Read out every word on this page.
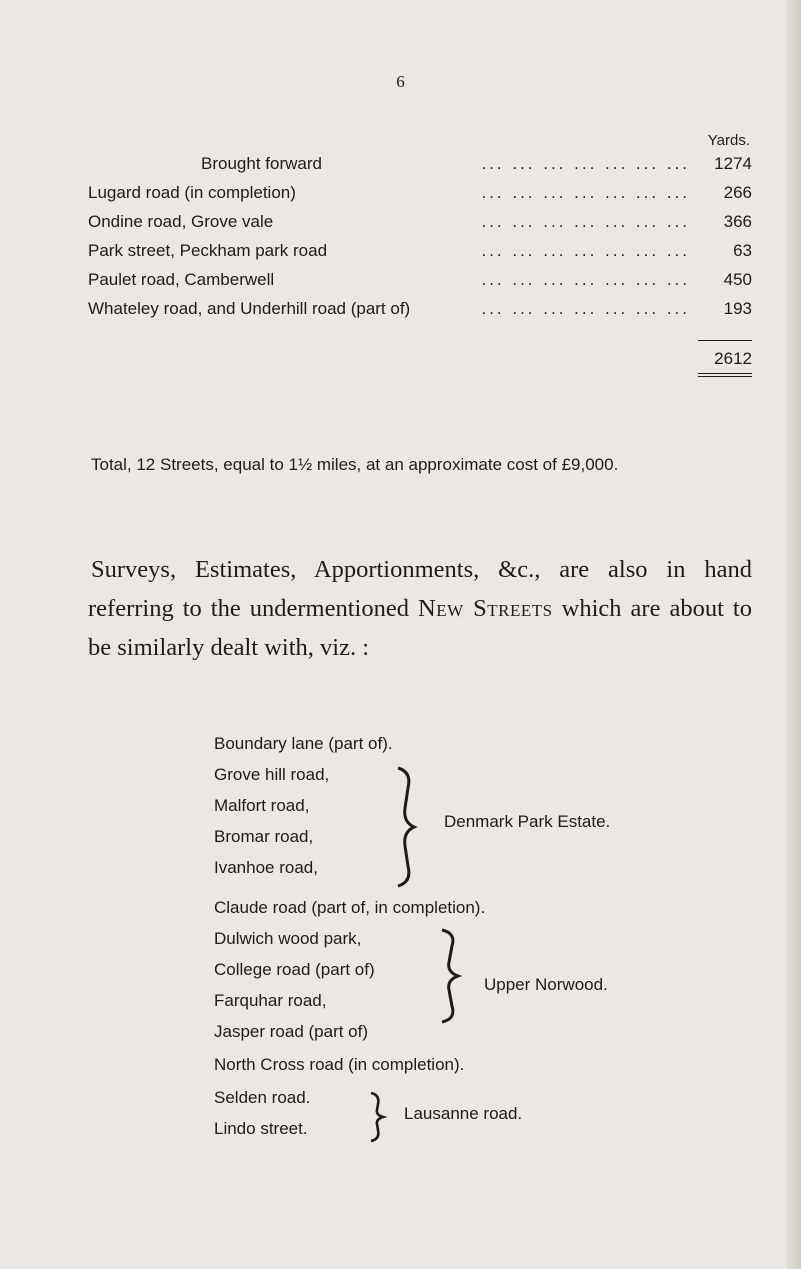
6
Yards.
Brought forward	... ... ... ... ... ... ...	1274
Lugard road (in completion)	... ... ... ... ... ... ...	266
Ondine road, Grove vale	... ... ... ... ... ... ...	366
Park street, Peckham park road	... ... ... ... ... ... ...	63
Paulet road, Camberwell	... ... ... ... ... ... ...	450
Whateley road, and Underhill road (part of)	... ... ... ... ... ... ...	193
2612
Total, 12 Streets, equal to 1½ miles, at an approximate cost of £9,000.
Surveys, Estimates, Apportionments, &c., are also in hand referring to the undermentioned New Streets which are about to be similarly dealt with, viz. :
Boundary lane (part of).
Grove hill road,
Malfort road,
Bromar road,
Ivanhoe road,
Denmark Park Estate.
Claude road (part of, in completion).
Dulwich wood park,
College road (part of)
Farquhar road,
Jasper road (part of)
Upper Norwood.
North Cross road (in completion).
Selden road.
Lindo street.
Lausanne road.
